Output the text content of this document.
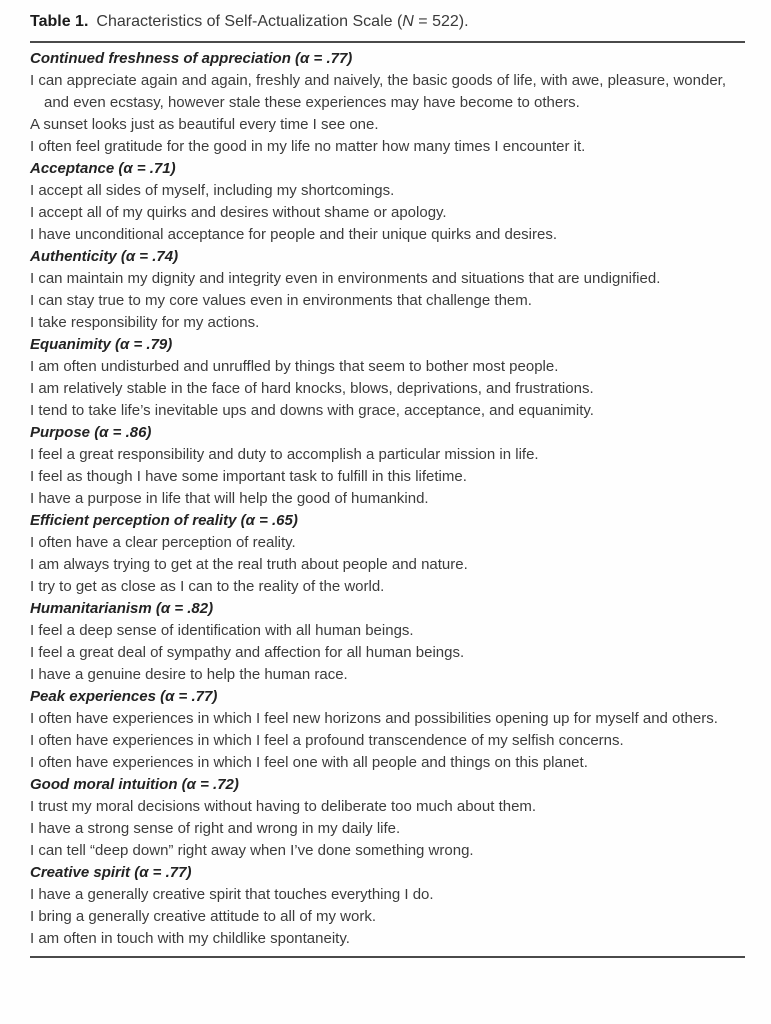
Table 1. Characteristics of Self-Actualization Scale (N = 522).

Continued freshness of appreciation (α = .77)

I can appreciate again and again, freshly and naively, the basic goods of life, with awe, pleasure, wonder, and even ecstasy, however stale these experiences may have become to others.

A sunset looks just as beautiful every time I see one.

I often feel gratitude for the good in my life no matter how many times I encounter it.

Acceptance (α = .71)

I accept all sides of myself, including my shortcomings.

I accept all of my quirks and desires without shame or apology.

I have unconditional acceptance for people and their unique quirks and desires.

Authenticity (α = .74)

I can maintain my dignity and integrity even in environments and situations that are undignified.

I can stay true to my core values even in environments that challenge them.

I take responsibility for my actions.

Equanimity (α = .79)

I am often undisturbed and unruffled by things that seem to bother most people.

I am relatively stable in the face of hard knocks, blows, deprivations, and frustrations.

I tend to take life’s inevitable ups and downs with grace, acceptance, and equanimity.

Purpose (α = .86)

I feel a great responsibility and duty to accomplish a particular mission in life.

I feel as though I have some important task to fulfill in this lifetime.

I have a purpose in life that will help the good of humankind.

Efficient perception of reality (α = .65)

I often have a clear perception of reality.

I am always trying to get at the real truth about people and nature.

I try to get as close as I can to the reality of the world.

Humanitarianism (α = .82)

I feel a deep sense of identification with all human beings.

I feel a great deal of sympathy and affection for all human beings.

I have a genuine desire to help the human race.

Peak experiences (α = .77)

I often have experiences in which I feel new horizons and possibilities opening up for myself and others.

I often have experiences in which I feel a profound transcendence of my selfish concerns.

I often have experiences in which I feel one with all people and things on this planet.

Good moral intuition (α = .72)

I trust my moral decisions without having to deliberate too much about them.

I have a strong sense of right and wrong in my daily life.

I can tell “deep down” right away when I’ve done something wrong.

Creative spirit (α = .77)

I have a generally creative spirit that touches everything I do.

I bring a generally creative attitude to all of my work.

I am often in touch with my childlike spontaneity.
